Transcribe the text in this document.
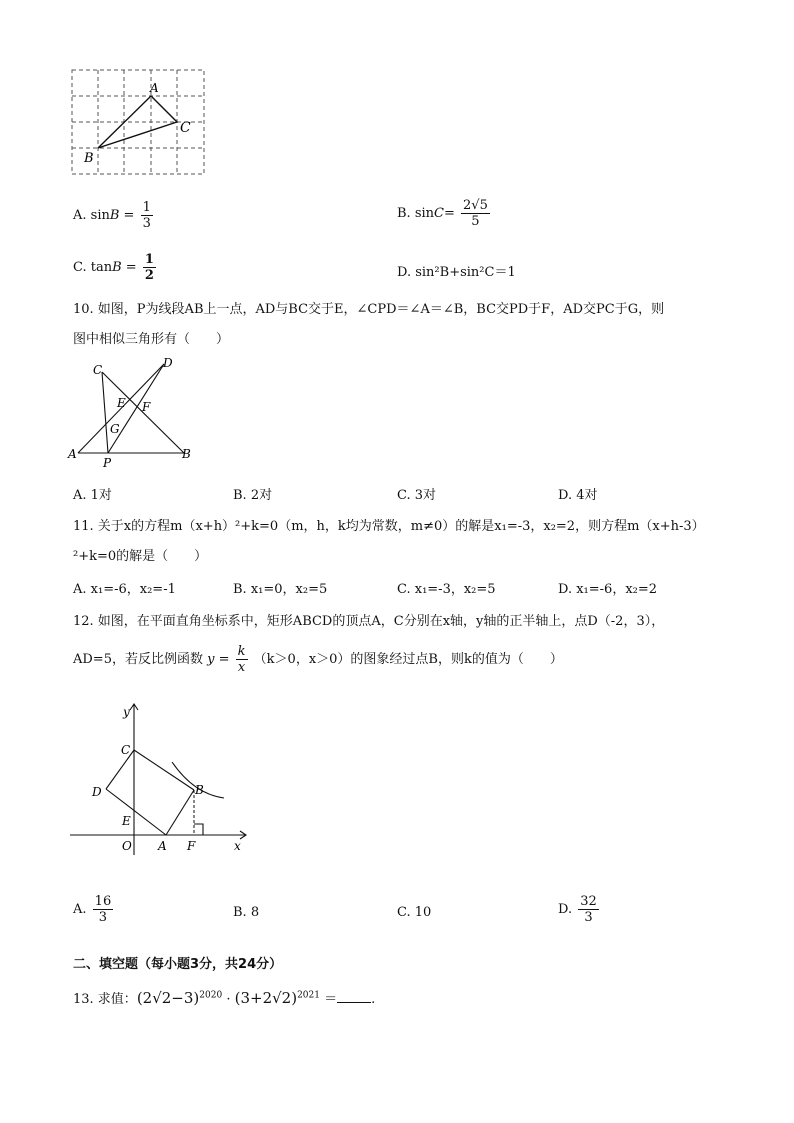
A
C
B
A. $\sin B = \frac{1}{3}$	B. $\sin C= \frac{2√5}{5}$
C. $\tan B = \frac{1}{2}$	D. sin²B+sin²C＝1
10. 如图，P为线段AB上一点，AD与BC交于E，∠CPD＝∠A＝∠B，BC交PD于F，AD交PC于G，则
图中相似三角形有（　　）
C	D
E F
G
A
P
B
A. 1对	B. 2对	C. 3对	D. 4对
11. 关于x的方程m（x+h）²+k=0（m，h，k均为常数，m≠0）的解是x₁=-3，x₂=2，则方程m（x+h-3）
²+k=0的解是（　　）
A. x₁=-6，x₂=-1	B. x₁=0，x₂=5	C. x₁=-3，x₂=5	D. x₁=-6，x₂=2
12. 如图，在平面直角坐标系中，矩形ABCD的顶点A，C分别在x轴，y轴的正半轴上，点D（-2，3），
AD=5，若反比例函数 $y = \frac{k}{x} (k>0$，x＞0）的图象经过点B，则k的值为（　　）
y
C
D	B
E
O A F	x
A. $\frac{16}{3}$	B. 8	C. 10	D. $\frac{32}{3}$
二、填空题（每小题3分，共24分）
13. 求值：$(2√2-3)^{2020} \cdot (3+2√2)^{2021}$ ＝	.
